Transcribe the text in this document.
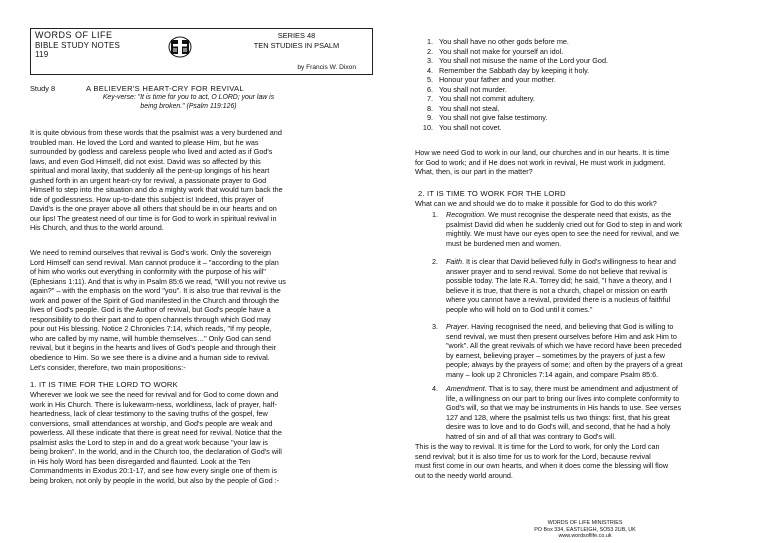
WORDS OF LIFE
BIBLE STUDY NOTES
119
SERIES 48
TEN STUDIES IN PSALM
by Francis W. Dixon
Study 8	A BELIEVER'S HEART-CRY FOR REVIVAL
Key-verse: "It is time for you to act, O LORD; your law is
being broken." (Psalm 119:126)
It is quite obvious from these words that the psalmist was a very burdened and
troubled man. He loved the Lord and wanted to please Him, but he was
surrounded by godless and careless people who lived and acted as if God's
laws, and even God Himself, did not exist. David was so affected by this
spiritual and moral laxity, that suddenly all the pent-up longings of his heart
gushed forth in an urgent heart-cry for revival, a passionate prayer to God
Himself to step into the situation and do a mighty work that would turn back the
tide of godlessness. How up-to-date this subject is! Indeed, this prayer of
David's is the one prayer above all others that should be in our hearts and on
our lips! The greatest need of our time is for God to work in spiritual revival in
His Church, and thus to the world around.
We need to remind ourselves that revival is God's work. Only the sovereign
Lord Himself can send revival. Man cannot produce it – "according to the plan
of him who works out everything in conformity with the purpose of his will"
(Ephesians 1:11). And that is why in Psalm 85:6 we read, "Will you not revive us
again?" – with the emphasis on the word "you". It is also true that revival is the
work and power of the Spirit of God manifested in the Church and through the
lives of God's people. God is the Author of revival, but God's people have a
responsibility to do their part and to open channels through which God may
pour out His blessing. Notice 2 Chronicles 7:14, which reads, "If my people,
who are called by my name, will humble themselves…" Only God can send
revival, but it begins in the hearts and lives of God's people and through their
obedience to Him. So we see there is a divine and a human side to revival.
Let's consider, therefore, two main propositions:-
1. IT IS TIME FOR THE LORD TO WORK
Wherever we look we see the need for revival and for God to come down and
work in His Church. There is lukewarm-ness, worldliness, lack of prayer, half-
heartedness, lack of clear testimony to the saving truths of the gospel, few
conversions, small attendances at worship, and God's people are weak and
powerless. All these indicate that there is great need for revival. Notice that the
psalmist asks the Lord to step in and do a great work because "your law is
being broken". In the world, and in the Church too, the declaration of God's will
in His holy Word has been disregarded and flaunted. Look at the Ten
Commandments in Exodus 20:1-17, and see how every single one of them is
being broken, not only by people in the world, but also by the people of God :-
1. You shall have no other gods before me.
2. You shall not make for yourself an idol.
3. You shall not misuse the name of the Lord your God.
4. Remember the Sabbath day by keeping it holy.
5. Honour your father and your mother.
6. You shall not murder.
7. You shall not commit adultery.
8. You shall not steal.
9. You shall not give false testimony.
10. You shall not covet.
How we need God to work in our land, our churches and in our hearts. It is time
for God to work; and if He does not work in revival, He must work in judgment.
What, then, is our part in the matter?
2. IT IS TIME TO WORK FOR THE LORD
What can we and should we do to make it possible for God to do this work?
1. Recognition. We must recognise the desperate need that exists, as the
psalmist David did when he suddenly cried out for God to step in and work
mightily. We must have our eyes open to see the need for revival, and we
must be burdened men and women.
2. Faith. It is clear that David believed fully in God's willingness to hear and
answer prayer and to send revival. Some do not believe that revival is
possible today. The late R.A. Torrey did; he said, "I have a theory, and I
believe it is true, that there is not a church, chapel or mission on earth
where you cannot have a revival, provided there is a nucleus of faithful
people who will hold on to God until it comes."
3. Prayer. Having recognised the need, and believing that God is willing to
send revival, we must then present ourselves before Him and ask Him to
"work". All the great revivals of which we have record have been preceded
by earnest, believing prayer – sometimes by the prayers of just a few
people; always by the prayers of some; and often by the prayers of a great
many – look up 2 Chronicles 7:14 again, and compare Psalm 85:6.
4. Amendment. That is to say, there must be amendment and adjustment of
life, a willingness on our part to bring our lives into complete conformity to
God's will, so that we may be instruments in His hands to use. See verses
127 and 128, where the psalmist tells us two things: first, that his great
desire was to love and to do God's will, and second, that he had a holy
hatred of sin and of all that was contrary to God's will.
This is the way to revival. It is time for the Lord to work, for only the Lord can
send revival; but it is also time for us to work for the Lord, because revival
must first come in our own hearts, and when it does come the blessing will flow
out to the needy world around.
WORDS OF LIFE MINISTRIES
PO Box 334, EASTLEIGH, SO53 2UB, UK
www.wordsoflife.co.uk
